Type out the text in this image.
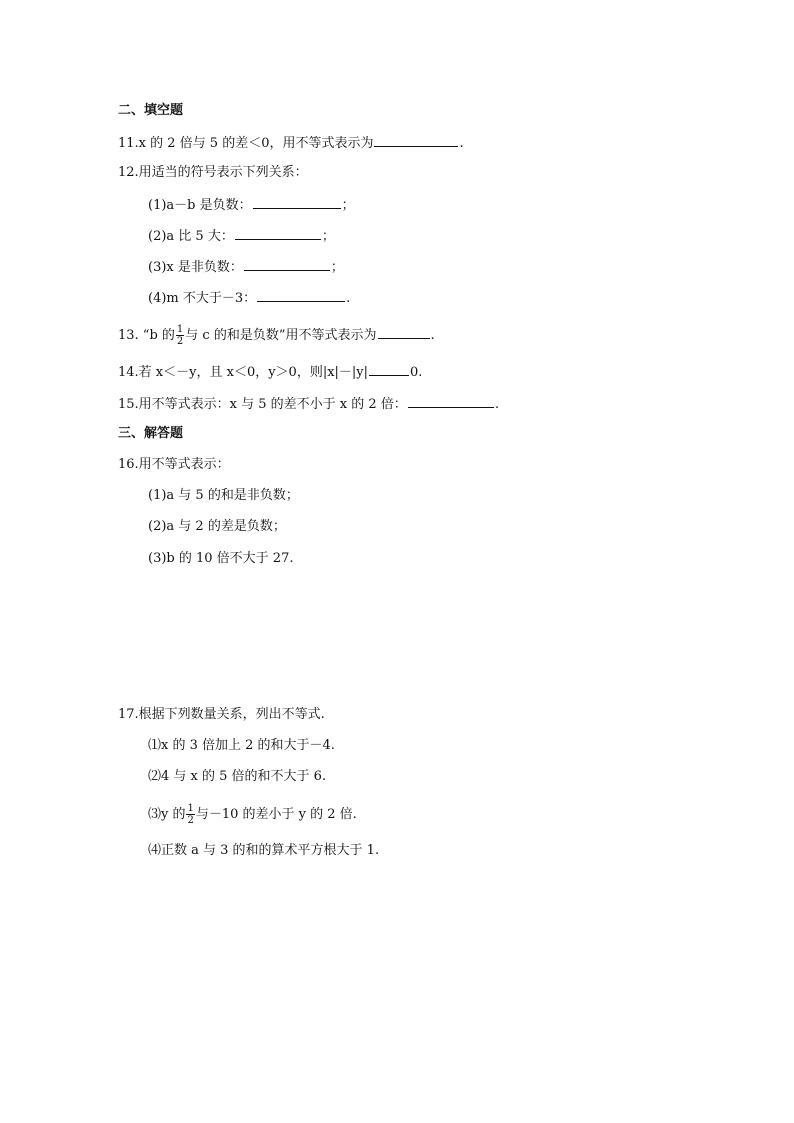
二、填空题
11.x 的 2 倍与 5 的差＜0，用不等式表示为	.
12.用适当的符号表示下列关系：
(1)a－b 是负数：	；
(2)a 比 5 大：	；
(3)x 是非负数：	；
(4)m 不大于－3：	.
13. “b 的 $\frac{1}{2}$ 与 c 的和是负数”用不等式表示为	.
14.若 x＜－y，且 x＜0，y＞0，则|x|－|y|	0.
15.用不等式表示：x 与 5 的差不小于 x 的 2 倍：	.
三、解答题
16.用不等式表示：
(1)a 与 5 的和是非负数；
(2)a 与 2 的差是负数；
(3)b 的 10 倍不大于 27.
17.根据下列数量关系，列出不等式.
⑴x 的 3 倍加上 2 的和大于－4.
⑵4 与 x 的 5 倍的和不大于 6.
⑶y 的 $\frac{1}{2}$ 与－10 的差小于 y 的 2 倍.
⑷正数 a 与 3 的和的算术平方根大于 1.
